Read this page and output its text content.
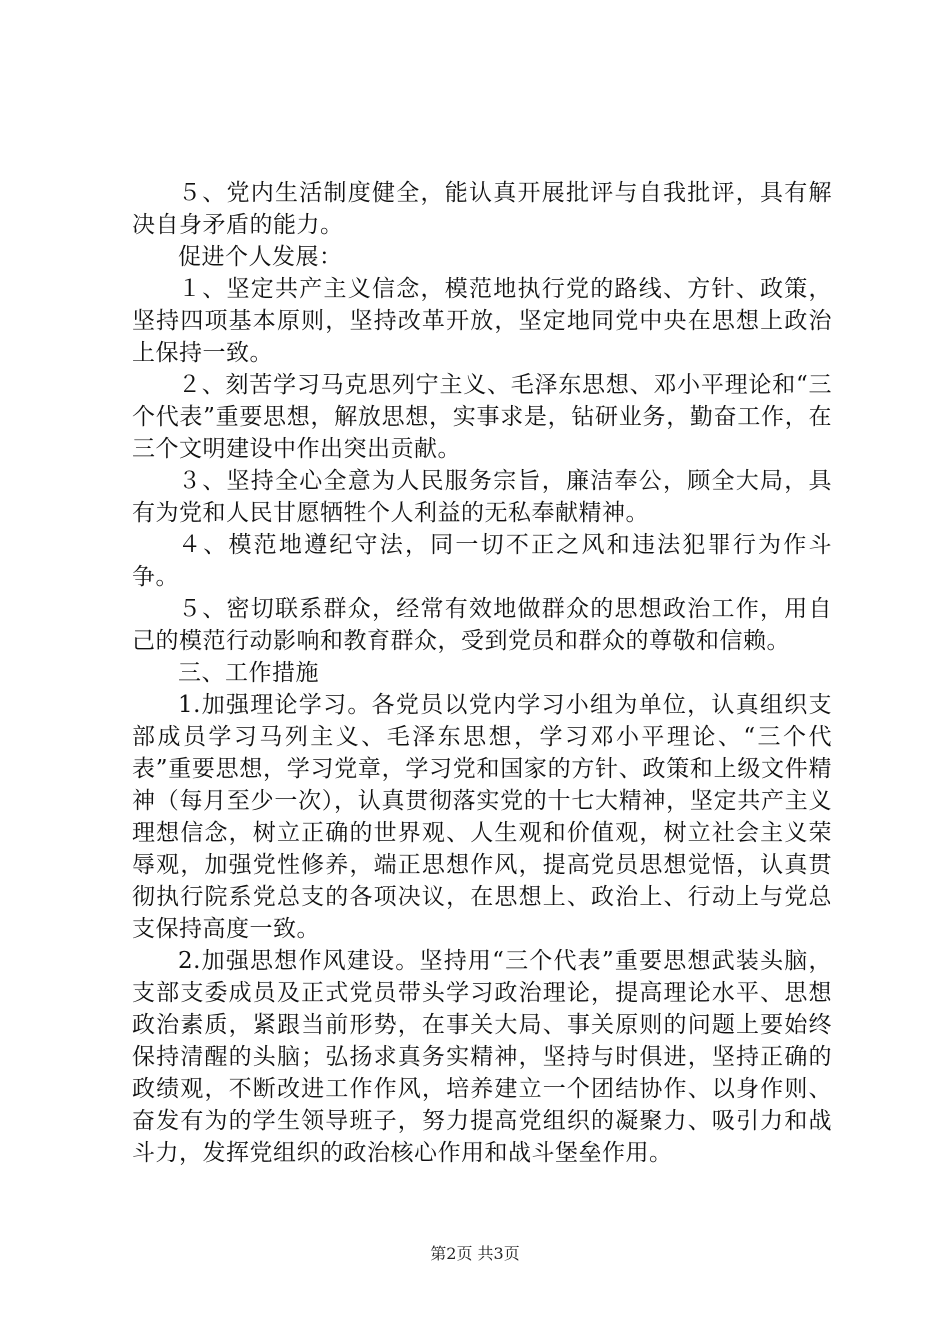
５、党内生活制度健全，能认真开展批评与自我批评，具有解决自身矛盾的能力。

促进个人发展：

１、坚定共产主义信念，模范地执行党的路线、方针、政策，坚持四项基本原则，坚持改革开放，坚定地同党中央在思想上政治上保持一致。

２、刻苦学习马克思列宁主义、毛泽东思想、邓小平理论和“三个代表”重要思想，解放思想，实事求是，钻研业务，勤奋工作，在三个文明建设中作出突出贡献。

３、坚持全心全意为人民服务宗旨，廉洁奉公，顾全大局，具有为党和人民甘愿牺牲个人利益的无私奉献精神。

４、模范地遵纪守法，同一切不正之风和违法犯罪行为作斗争。

５、密切联系群众，经常有效地做群众的思想政治工作，用自己的模范行动影响和教育群众，受到党员和群众的尊敬和信赖。

三、工作措施

1.加强理论学习。各党员以党内学习小组为单位，认真组织支部成员学习马列主义、毛泽东思想，学习邓小平理论、“三个代表”重要思想，学习党章，学习党和国家的方针、政策和上级文件精神（每月至少一次），认真贯彻落实党的十七大精神，坚定共产主义理想信念，树立正确的世界观、人生观和价值观，树立社会主义荣辱观，加强党性修养，端正思想作风，提高党员思想觉悟，认真贯彻执行院系党总支的各项决议，在思想上、政治上、行动上与党总支保持高度一致。

2.加强思想作风建设。坚持用“三个代表”重要思想武装头脑，支部支委成员及正式党员带头学习政治理论，提高理论水平、思想政治素质，紧跟当前形势，在事关大局、事关原则的问题上要始终保持清醒的头脑；弘扬求真务实精神，坚持与时俱进，坚持正确的政绩观，不断改进工作作风，培养建立一个团结协作、以身作则、奋发有为的学生领导班子，努力提高党组织的凝聚力、吸引力和战斗力，发挥党组织的政治核心作用和战斗堡垒作用。

第2页 共3页
